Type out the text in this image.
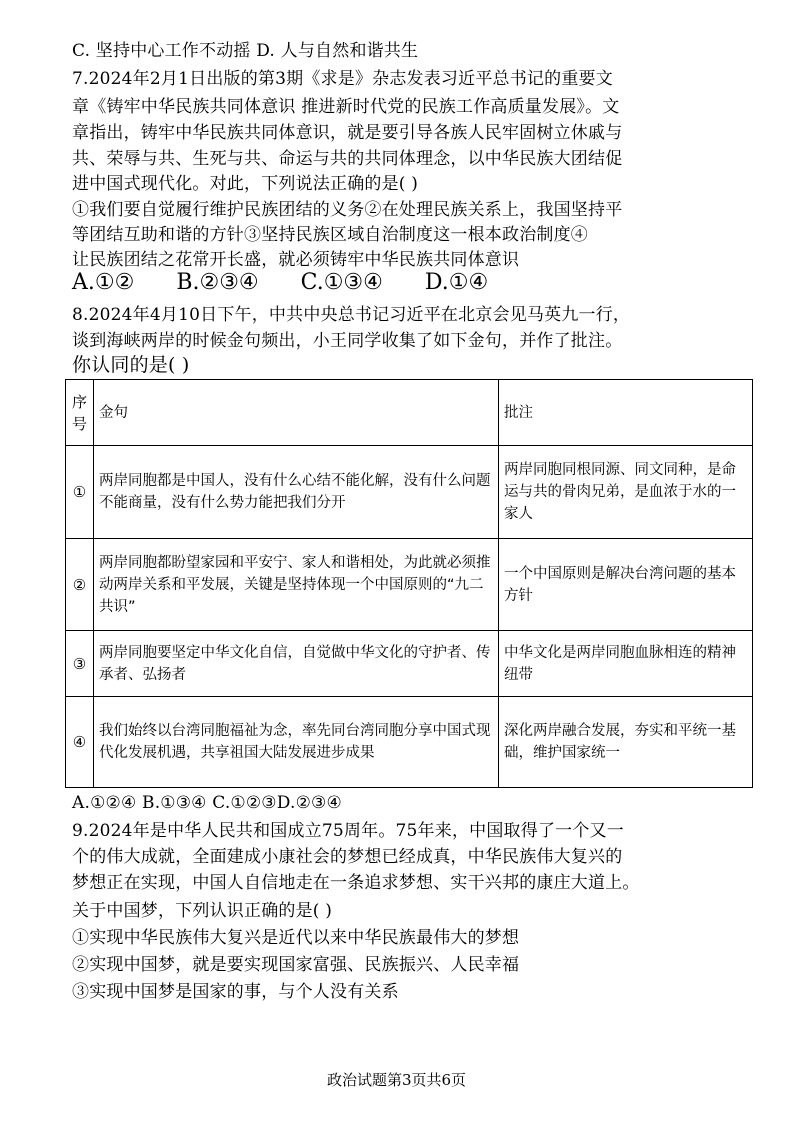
C. 坚持中心工作不动摇 D. 人与自然和谐共生
7.2024年2月1日出版的第3期《求是》杂志发表习近平总书记的重要文
章《铸牢中华民族共同体意识 推进新时代党的民族工作高质量发展》。文
章指出，铸牢中华民族共同体意识，就是要引导各族人民牢固树立休戚与
共、荣辱与共、生死与共、命运与共的共同体理念，以中华民族大团结促
进中国式现代化。对此，下列说法正确的是( )
①我们要自觉履行维护民族团结的义务②在处理民族关系上，我国坚持平
等团结互助和谐的方针③坚持民族区域自治制度这一根本政治制度④
让民族团结之花常开长盛，就必须铸牢中华民族共同体意识
A.①② B.②③④ C.①③④ D.①④
8.2024年4月10日下午，中共中央总书记习近平在北京会见马英九一行，
谈到海峡两岸的时候金句频出，小王同学收集了如下金句，并作了批注。
你认同的是( )
序号	金句	批注
①	两岸同胞都是中国人，没有什么心结不能化解，没有什么问题不能商量，没有什么势力能把我们分开	两岸同胞同根同源、同文同种，是命运与共的骨肉兄弟，是血浓于水的一家人
②	两岸同胞都盼望家园和平安宁、家人和谐相处，为此就必须推动两岸关系和平发展，关键是坚持体现一个中国原则的“九二共识”	一个中国原则是解决台湾问题的基本方针
③	两岸同胞要坚定中华文化自信，自觉做中华文化的守护者、传承者、弘扬者	中华文化是两岸同胞血脉相连的精神纽带
④	我们始终以台湾同胞福祉为念，率先同台湾同胞分享中国式现代化发展机遇，共享祖国大陆发展进步成果	深化两岸融合发展，夯实和平统一基础，维护国家统一
A.①②④ B.①③④ C.①②③D.②③④
9.2024年是中华人民共和国成立75周年。75年来，中国取得了一个又一
个的伟大成就，全面建成小康社会的梦想已经成真，中华民族伟大复兴的
梦想正在实现，中国人自信地走在一条追求梦想、实干兴邦的康庄大道上。
关于中国梦，下列认识正确的是( )
①实现中华民族伟大复兴是近代以来中华民族最伟大的梦想
②实现中国梦，就是要实现国家富强、民族振兴、人民幸福
③实现中国梦是国家的事，与个人没有关系
政治试题第3页共6页
